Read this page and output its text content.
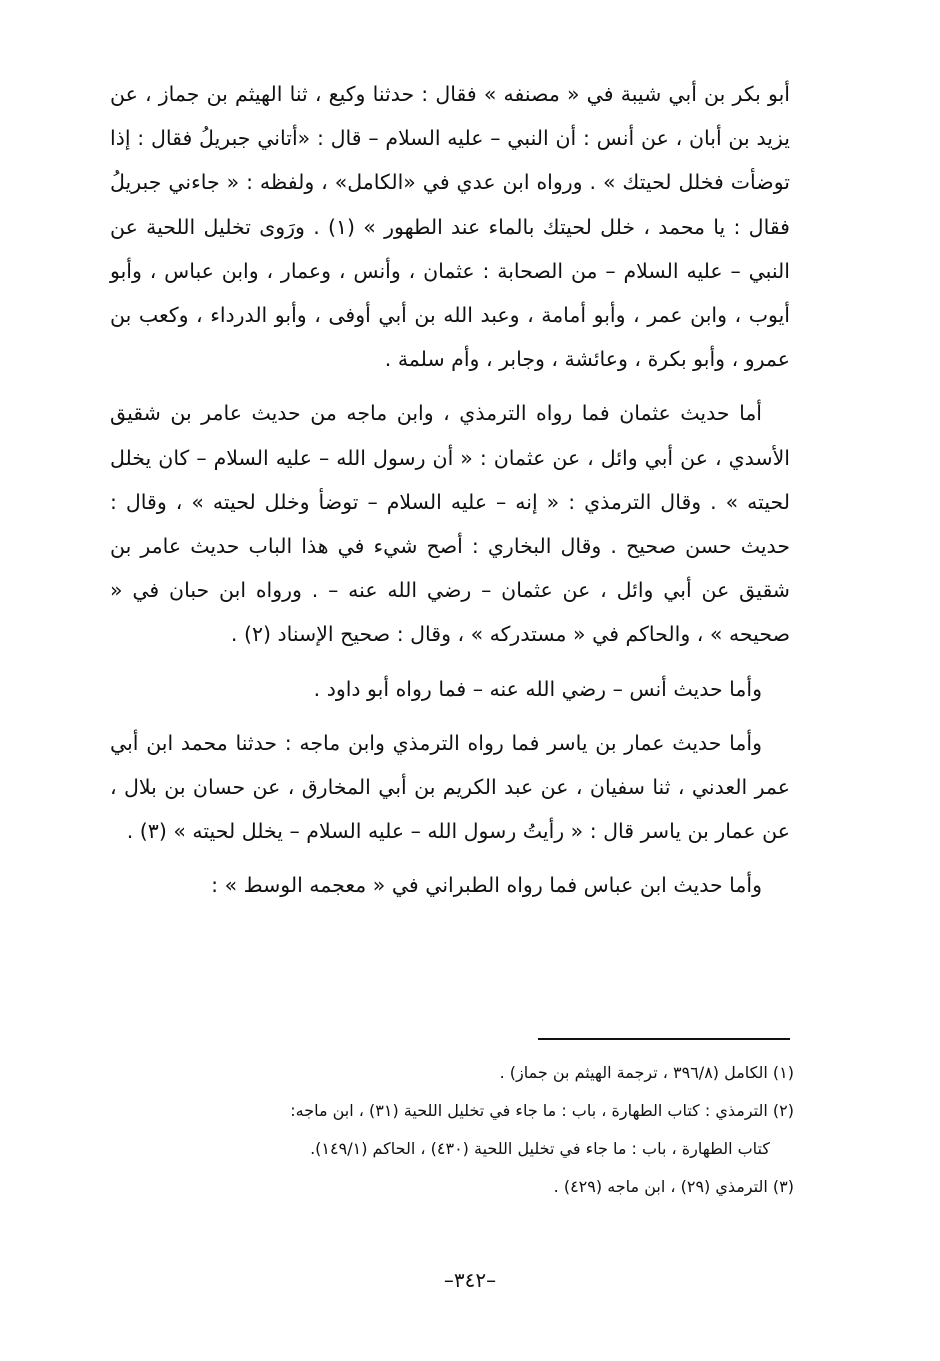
أبو بكر بن أبي شيبة في « مصنفه » فقال : حدثنا وكيع ، ثنا الهيثم بن جماز ، عن يزيد بن أبان ، عن أنس : أن النبي – عليه السلام – قال : «أتاني جبريلُ فقال : إذا توضأت فخلل لحيتك » . ورواه ابن عدي في «الكامل» ، ولفظه : « جاءني جبريلُ فقال : يا محمد ، خلل لحيتك بالماء عند الطهور » (١) . ورَوى تخليل اللحية عن النبي – عليه السلام – من الصحابة : عثمان ، وأنس ، وعمار ، وابن عباس ، وأبو أيوب ، وابن عمر ، وأبو أمامة ، وعبد الله بن أبي أوفى ، وأبو الدرداء ، وكعب بن عمرو ، وأبو بكرة ، وعائشة ، وجابر ، وأم سلمة .

أما حديث عثمان فما رواه الترمذي ، وابن ماجه من حديث عامر بن شقيق الأسدي ، عن أبي وائل ، عن عثمان : « أن رسول الله – عليه السلام – كان يخلل لحيته » . وقال الترمذي : « إنه – عليه السلام – توضأ وخلل لحيته » ، وقال : حديث حسن صحيح . وقال البخاري : أصح شيء في هذا الباب حديث عامر بن شقيق عن أبي وائل ، عن عثمان – رضي الله عنه – . ورواه ابن حبان في « صحيحه » ، والحاكم في « مستدركه » ، وقال : صحيح الإسناد (٢) .

وأما حديث أنس – رضي الله عنه – فما رواه أبو داود .

وأما حديث عمار بن ياسر فما رواه الترمذي وابن ماجه : حدثنا محمد ابن أبي عمر العدني ، ثنا سفيان ، عن عبد الكريم بن أبي المخارق ، عن حسان بن بلال ، عن عمار بن ياسر قال : « رأيتُ رسول الله – عليه السلام – يخلل لحيته » (٣) .

وأما حديث ابن عباس فما رواه الطبراني في « معجمه الوسط » :

(١) الكامل (٣٩٦/٨ ، ترجمة الهيثم بن جماز) .

(٢) الترمذي : كتاب الطهارة ، باب : ما جاء في تخليل اللحية (٣١) ، ابن ماجه:

كتاب الطهارة ، باب : ما جاء في تخليل اللحية (٤٣٠) ، الحاكم (١٤٩/١).

(٣) الترمذي (٢٩) ، ابن ماجه (٤٢٩) .

–٣٤٢–
